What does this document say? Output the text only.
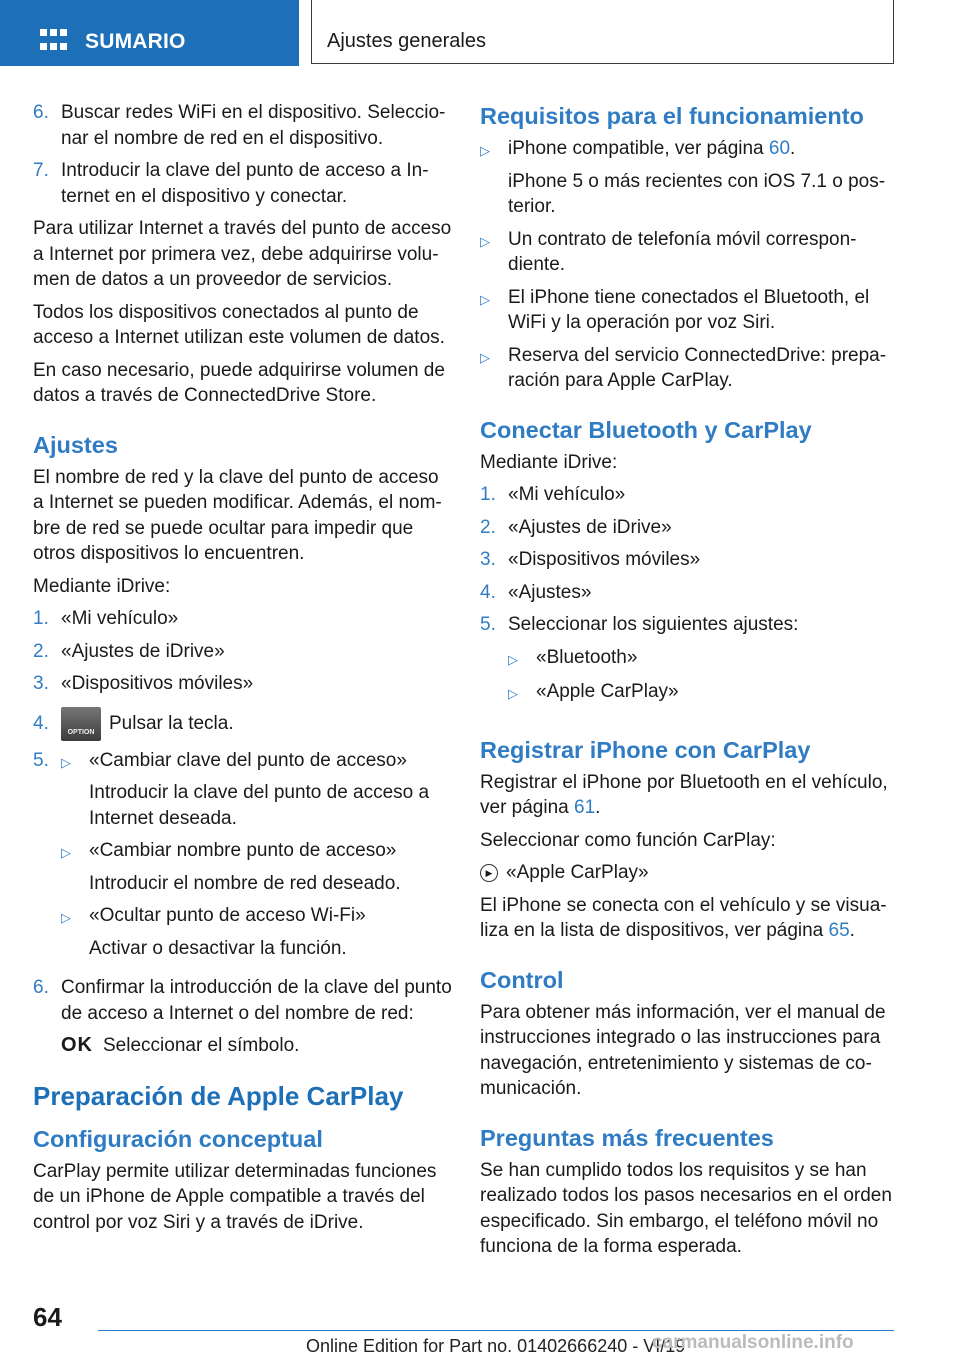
SUMARIO	Ajustes generales
6. Buscar redes WiFi en el dispositivo. Seleccio-nar el nombre de red en el dispositivo.
7. Introducir la clave del punto de acceso a In-ternet en el dispositivo y conectar.

Para utilizar Internet a través del punto de acceso a Internet por primera vez, debe adquirirse volu-men de datos a un proveedor de servicios.

Todos los dispositivos conectados al punto de acceso a Internet utilizan este volumen de datos.

En caso necesario, puede adquirirse volumen de datos a través de ConnectedDrive Store.

Ajustes

El nombre de red y la clave del punto de acceso a Internet se pueden modificar. Además, el nom-bre de red se puede ocultar para impedir que otros dispositivos lo encuentren.

Mediante iDrive:

1. «Mi vehículo»
2. «Ajustes de iDrive»
3. «Dispositivos móviles»
4.	OPTION Pulsar la tecla.
5. ▷ «Cambiar clave del punto de acceso»
Introducir la clave del punto de acceso a Internet deseada.
▷ «Cambiar nombre punto de acceso»
Introducir el nombre de red deseado.
▷ «Ocultar punto de acceso Wi-Fi»
Activar o desactivar la función.
6. Confirmar la introducción de la clave del punto de acceso a Internet o del nombre de red:
OK Seleccionar el símbolo.
Preparación de Apple CarPlay
Configuración conceptual

CarPlay permite utilizar determinadas funciones de un iPhone de Apple compatible a través del control por voz Siri y a través de iDrive.

Requisitos para el funcionamiento
▷ iPhone compatible, ver página 60.
iPhone 5 o más recientes con iOS 7.1 o pos-terior.
▷ Un contrato de telefonía móvil correspon-diente.
▷ El iPhone tiene conectados el Bluetooth, el WiFi y la operación por voz Siri.
▷ Reserva del servicio ConnectedDrive: prepa-ración para Apple CarPlay.
Conectar Bluetooth y CarPlay

Mediante iDrive:

1. «Mi vehículo»
2. «Ajustes de iDrive»
3. «Dispositivos móviles»
4. «Ajustes»
5. Seleccionar los siguientes ajustes:
▷ «Bluetooth»
▷ «Apple CarPlay»
Registrar iPhone con CarPlay

Registrar el iPhone por Bluetooth en el vehículo, ver página 61.

Seleccionar como función CarPlay:

▶ «Apple CarPlay»

El iPhone se conecta con el vehículo y se visua-liza en la lista de dispositivos, ver página 65.

Control

Para obtener más información, ver el manual de instrucciones integrado o las instrucciones para navegación, entretenimiento y sistemas de co-municación.

Preguntas más frecuentes

Se han cumplido todos los requisitos y se han realizado todos los pasos necesarios en el orden especificado. Sin embargo, el teléfono móvil no funciona de la forma esperada.

64
Online Edition for Part no. 01402666240 - VI/19
carmanualsonline.info
